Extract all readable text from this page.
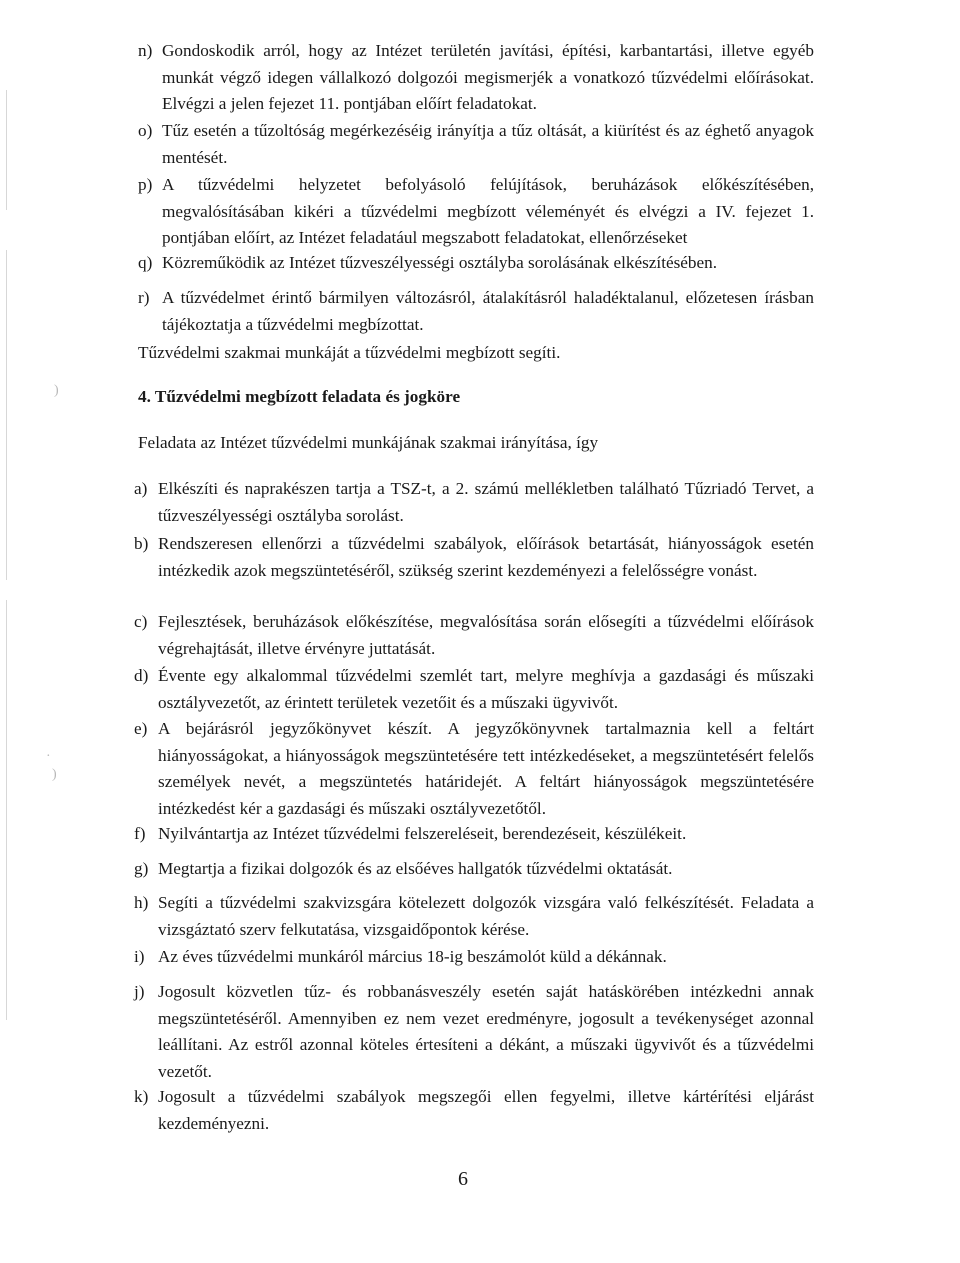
n) Gondoskodik arról, hogy az Intézet területén javítási, építési, karbantartási, illetve egyéb munkát végző idegen vállalkozó dolgozói megismerjék a vonatkozó tűzvédelmi előírásokat. Elvégzi a jelen fejezet 11. pontjában előírt feladatokat.
o) Tűz esetén a tűzoltóság megérkezéséig irányítja a tűz oltását, a kiürítést és az éghető anyagok mentését.
p) A tűzvédelmi helyzetet befolyásoló felújítások, beruházások előkészítésében, megvalósításában kikéri a tűzvédelmi megbízott véleményét és elvégzi a IV. fejezet 1. pontjában előírt, az Intézet feladatául megszabott feladatokat, ellenőrzéseket
q) Közreműködik az Intézet tűzveszélyességi osztályba sorolásának elkészítésében.
r) A tűzvédelmet érintő bármilyen változásról, átalakításról haladéktalanul, előzetesen írásban tájékoztatja a tűzvédelmi megbízottat.
Tűzvédelmi szakmai munkáját a tűzvédelmi megbízott segíti.
4. Tűzvédelmi megbízott feladata és jogköre
Feladata az Intézet tűzvédelmi munkájának szakmai irányítása, így
a) Elkészíti és naprakészen tartja a TSZ-t, a 2. számú mellékletben található Tűzriadó Tervet, a tűzveszélyességi osztályba sorolást.
b) Rendszeresen ellenőrzi a tűzvédelmi szabályok, előírások betartását, hiányosságok esetén intézkedik azok megszüntetéséről, szükség szerint kezdeményezi a felelősségre vonást.
c) Fejlesztések, beruházások előkészítése, megvalósítása során elősegíti a tűzvédelmi előírások végrehajtását, illetve érvényre juttatását.
d) Évente egy alkalommal tűzvédelmi szemlét tart, melyre meghívja a gazdasági és műszaki osztályvezetőt, az érintett területek vezetőit és a műszaki ügyvivőt.
e) A bejárásról jegyzőkönyvet készít. A jegyzőkönyvnek tartalmaznia kell a feltárt hiányosságokat, a hiányosságok megszüntetésére tett intézkedéseket, a megszüntetésért felelős személyek nevét, a megszüntetés határidejét. A feltárt hiányosságok megszüntetésére intézkedést kér a gazdasági és műszaki osztályvezetőtől.
f) Nyilvántartja az Intézet tűzvédelmi felszereléseit, berendezéseit, készülékeit.
g) Megtartja a fizikai dolgozók és az elsőéves hallgatók tűzvédelmi oktatását.
h) Segíti a tűzvédelmi szakvizsgára kötelezett dolgozók vizsgára való felkészítését. Feladata a vizsgáztató szerv felkutatása, vizsgaidőpontok kérése.
i) Az éves tűzvédelmi munkáról március 18-ig beszámolót küld a dékánnak.
j) Jogosult közvetlen tűz- és robbanásveszély esetén saját hatáskörében intézkedni annak megszüntetéséről. Amennyiben ez nem vezet eredményre, jogosult a tevékenységet azonnal leállítani. Az estről azonnal köteles értesíteni a dékánt, a műszaki ügyvivőt és a tűzvédelmi vezetőt.
k) Jogosult a tűzvédelmi szabályok megszegői ellen fegyelmi, illetve kártérítési eljárást kezdeményezni.
6
)
·
)
